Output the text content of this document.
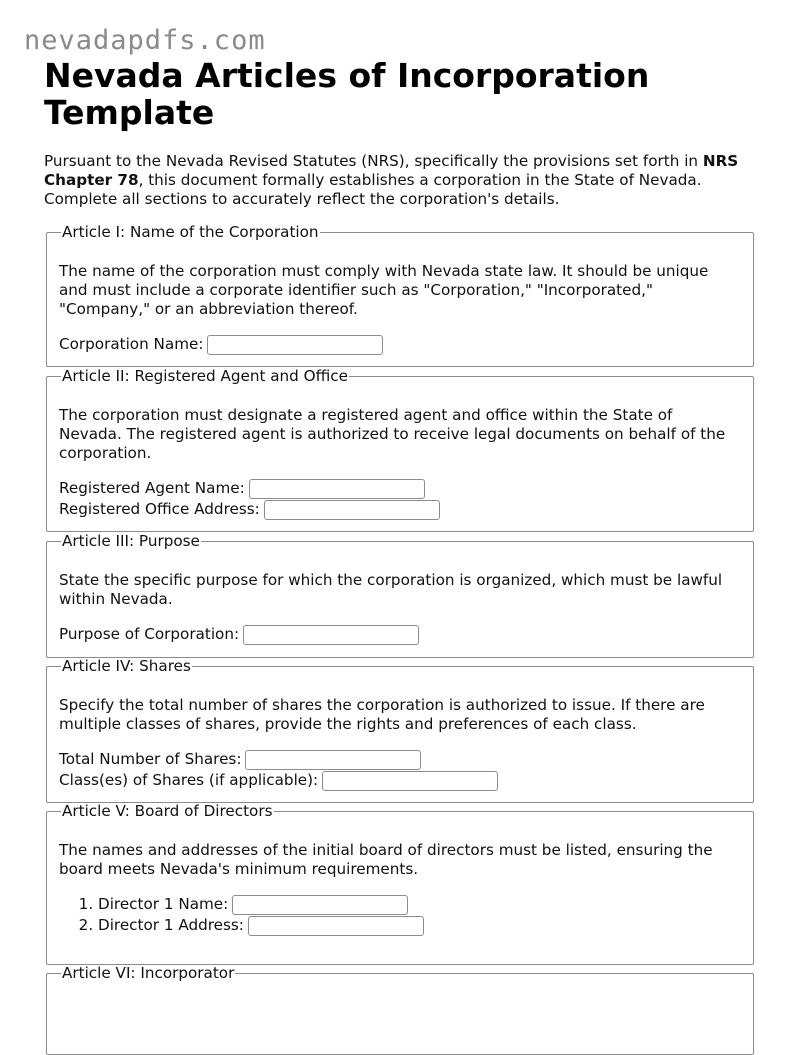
nevadapdfs.com
Nevada Articles of Incorporation Template

Pursuant to the Nevada Revised Statutes (NRS), specifically the provisions set forth in NRS Chapter 78, this document formally establishes a corporation in the State of Nevada. Complete all sections to accurately reflect the corporation's details.

Article I: Name of the Corporation

The name of the corporation must comply with Nevada state law. It should be unique and must include a corporate identifier such as "Corporation," "Incorporated," "Company," or an abbreviation thereof.

Corporation Name:
Article II: Registered Agent and Office

The corporation must designate a registered agent and office within the State of Nevada. The registered agent is authorized to receive legal documents on behalf of the corporation.

Registered Agent Name:
Registered Office Address:
Article III: Purpose

State the specific purpose for which the corporation is organized, which must be lawful within Nevada.

Purpose of Corporation:
Article IV: Shares

Specify the total number of shares the corporation is authorized to issue. If there are multiple classes of shares, provide the rights and preferences of each class.

Total Number of Shares:
Class(es) of Shares (if applicable):
Article V: Board of Directors

The names and addresses of the initial board of directors must be listed, ensuring the board meets Nevada's minimum requirements.

1. Director 1 Name:
2. Director 1 Address:
Article VI: Incorporator
